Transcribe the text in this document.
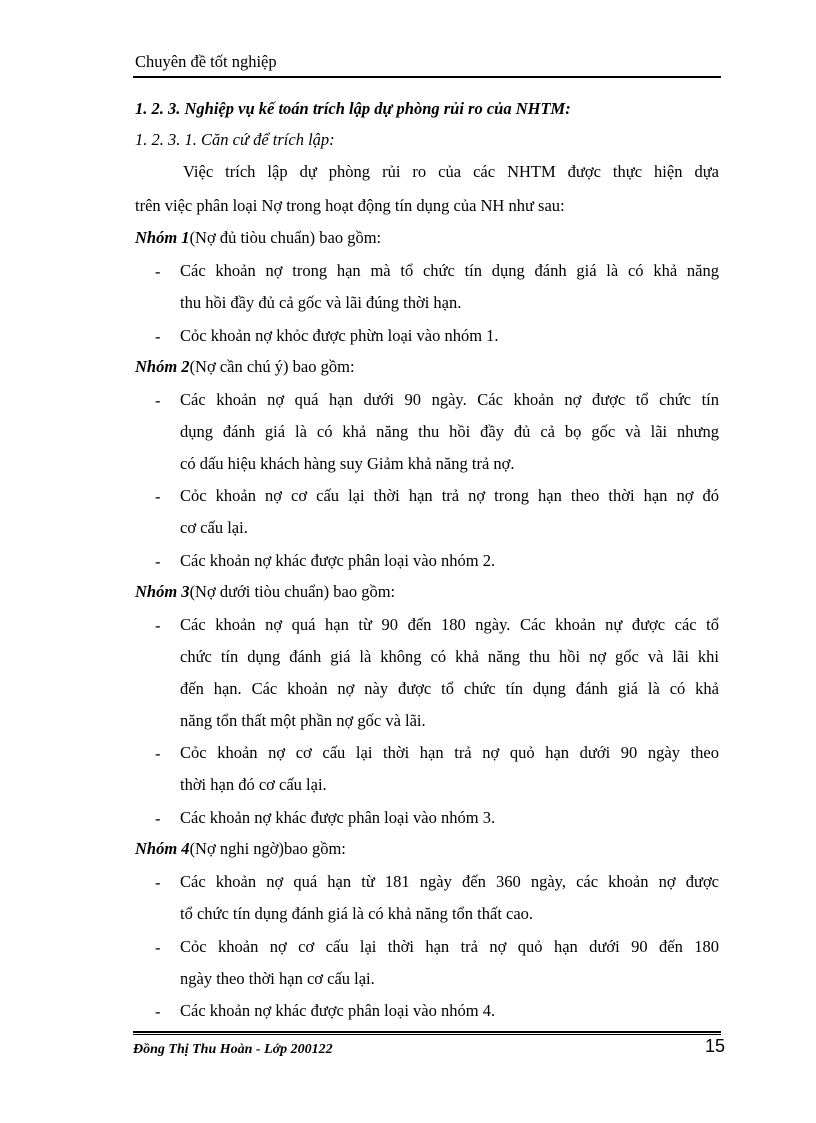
Chuyên đề tốt nghiệp
1. 2. 3. Nghiệp vụ kế toán trích lập dự phòng rủi ro của NHTM:
1. 2. 3. 1. Căn cứ để trích lập:
Việc trích lập dự phòng rủi ro của các NHTM được thực hiện dựa
trên việc phân loại Nợ trong hoạt động tín dụng của NH như sau:
Nhóm 1(Nợ đủ tiòu chuẩn) bao gồm:
- Các khoản nợ trong hạn mà tổ chức tín dụng đánh giá là có khả năng
thu hồi đầy đủ cả gốc và lãi đúng thời hạn.
- Cỏc khoản nợ khỏc được phừn loại vào nhóm 1.
Nhóm 2(Nợ cần chú ý) bao gồm:
- Các khoản nợ quá hạn dưới 90 ngày. Các khoản nợ được tổ chức tín
dụng đánh giá là có khả năng thu hồi đầy đủ cả bọ gốc và lãi nhưng
có dấu hiệu khách hàng suy Giảm khả năng trả nợ.
- Cỏc khoản nợ cơ cấu lại thời hạn trả nợ trong hạn theo thời hạn nợ đó
cơ cấu lại.
- Các khoản nợ khác được phân loại vào nhóm 2.
Nhóm 3(Nợ dưới tiòu chuẩn) bao gồm:
- Các khoản nợ quá hạn từ 90 đến 180 ngày. Các khoản nự được các tổ
chức tín dụng đánh giá là không có khả năng thu hồi nợ gốc và lãi khi
đến hạn. Các khoản nợ này được tổ chức tín dụng đánh giá là có khả
năng tổn thất một phần nợ gốc và lãi.
- Cỏc khoản nợ cơ cấu lại thời hạn trả nợ quỏ hạn dưới 90 ngày theo
thời hạn đó cơ cấu lại.
- Các khoản nợ khác được phân loại vào nhóm 3.
Nhóm 4(Nợ nghi ngờ)bao gồm:
- Các khoản nợ quá hạn từ 181 ngày đến 360 ngày, các khoản nợ được
tổ chức tín dụng đánh giá là có khả năng tổn thất cao.
- Cỏc khoản nợ cơ cấu lại thời hạn trả nợ quỏ hạn dưới 90 đến 180
ngày theo thời hạn cơ cấu lại.
- Các khoản nợ khác được phân loại vào nhóm 4.
Đồng Thị Thu Hoàn - Lớp 200122	15
